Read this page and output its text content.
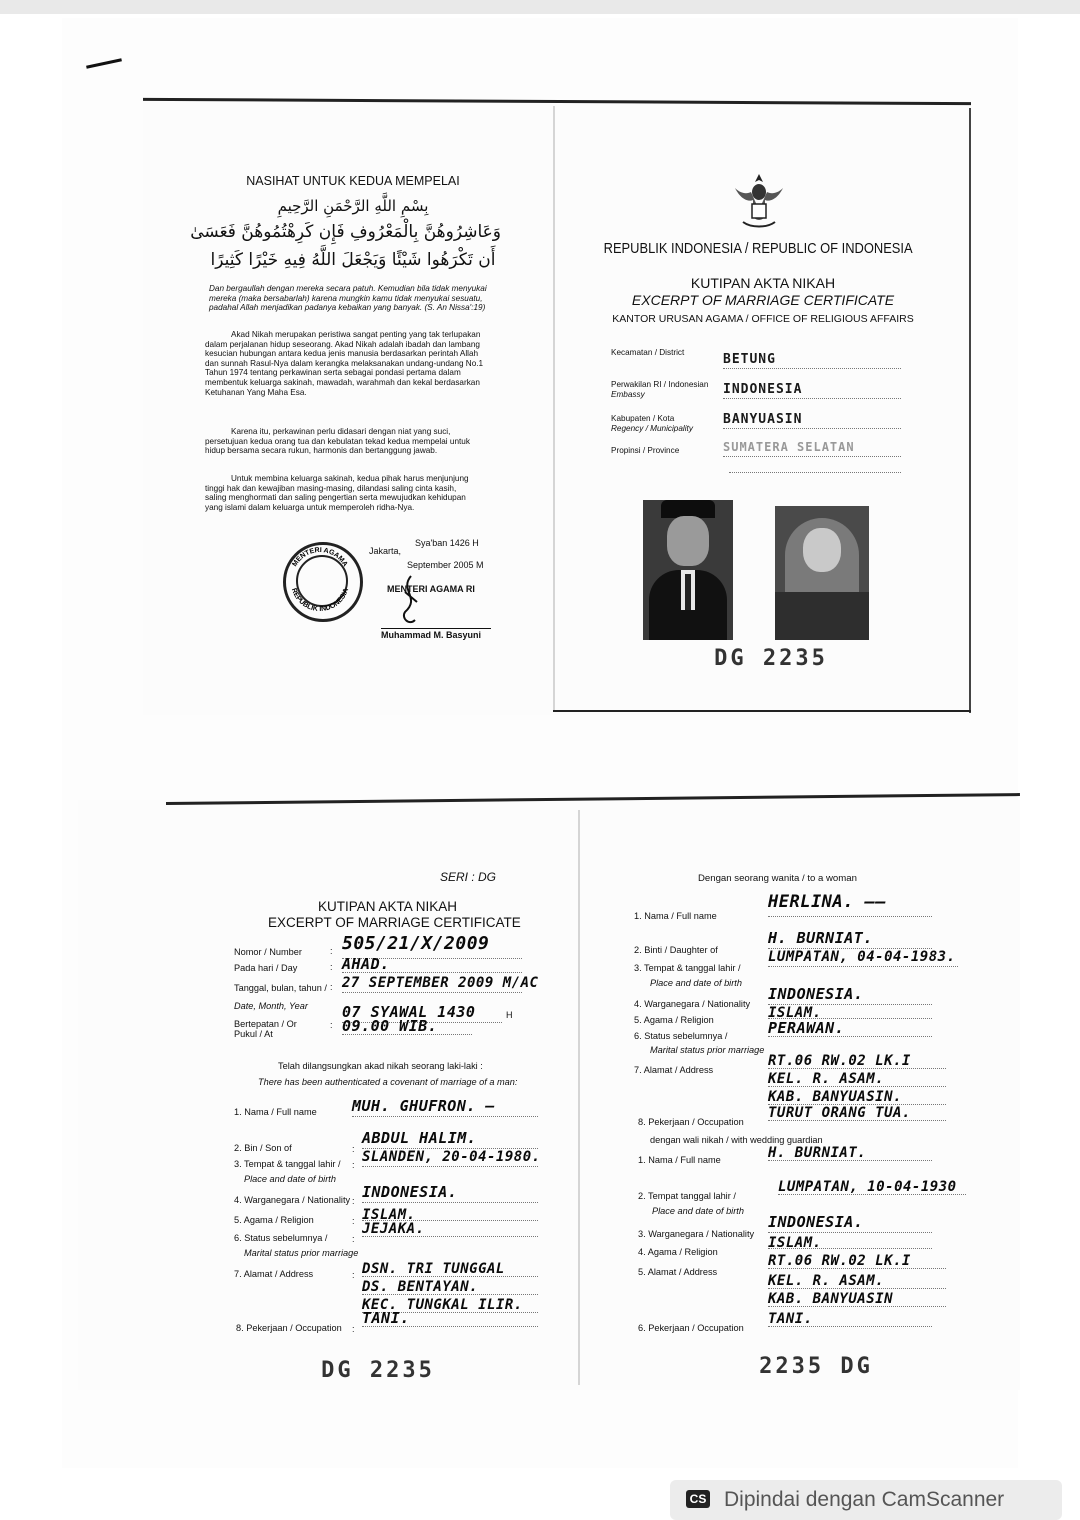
NASIHAT UNTUK KEDUA MEMPELAI
بِسْمِ اللَّهِ الرَّحْمَنِ الرَّحِيمِ
وَعَاشِرُوهُنَّ بِالْمَعْرُوفِ فَإِن كَرِهْتُمُوهُنَّ فَعَسَىٰ
أَن تَكْرَهُوا شَيْئًا وَيَجْعَلَ اللَّهُ فِيهِ خَيْرًا كَثِيرًا
Dan bergaullah dengan mereka secara patuh. Kemudian bila tidak menyukai
mereka (maka bersabarlah) karena mungkin kamu tidak menyukai sesuatu,
padahal Allah menjadikan padanya kebaikan yang banyak. (S. An Nissa':19)
Akad Nikah merupakan peristiwa sangat penting yang tak terlupakan
dalam perjalanan hidup seseorang. Akad Nikah adalah ibadah dan lambang
kesucian hubungan antara kedua jenis manusia berdasarkan perintah Allah
dan sunnah Rasul-Nya dalam kerangka melaksanakan undang-undang No.1
Tahun 1974 tentang perkawinan serta sebagai pondasi pertama dalam
membentuk keluarga sakinah, mawadah, warahmah dan kekal berdasarkan
Ketuhanan Yang Maha Esa.
Karena itu, perkawinan perlu didasari dengan niat yang suci,
persetujuan kedua orang tua dan kebulatan tekad kedua mempelai untuk
hidup bersama secara rukun, harmonis dan bertanggung jawab.
Untuk membina keluarga sakinah, kedua pihak harus menjunjung
tinggi hak dan kewajiban masing-masing, dilandasi saling cinta kasih,
saling menghormati dan saling pengertian serta mewujudkan kehidupan
yang islami dalam keluarga untuk memperoleh ridha-Nya.
MENTERI AGAMA
REPUBLIK INDONESIA
Jakarta,
Sya'ban 1426 H
September 2005 M
MENTERI AGAMA RI
Muhammad M. Basyuni
REPUBLIK INDONESIA / REPUBLIC OF INDONESIA
KUTIPAN AKTA NIKAH
EXCERPT OF MARRIAGE CERTIFICATE
KANTOR URUSAN AGAMA / OFFICE OF RELIGIOUS AFFAIRS
Kecamatan / District	BETUNG
Perwakilan RI / Indonesian
Embassy	INDONESIA
Kabupaten / Kota
Regency / Municipality
BANYUASIN
Propinsi / Province	SUMATERA SELATAN
DG 2235
SERI : DG
KUTIPAN AKTA NIKAH
EXCERPT OF MARRIAGE CERTIFICATE
Nomor / Number	: 505/21/X/2009
Pada hari / Day	: AHAD.
Tanggal, bulan, tahun / : 27 SEPTEMBER 2009 M/AC
Date, Month, Year 07 SYAWAL 1430	H
Bertepatan / Or
Pukul / At
: 09.00 WIB.
Telah dilangsungkan akad nikah seorang laki-laki :
There has been authenticated a covenant of marriage of a man:
1. Nama / Full name MUH. GHUFRON. —
2. Bin / Son of	:
ABDUL HALIM.
3. Tempat & tanggal lahir /
Place and date of birth
: SLANDEN, 20-04-1980.
4. Warganegara / Nationality : INDONESIA.
5. Agama / Religion	: ISLAM.
6. Status sebelumnya /
Marital status prior marriage
:
JEJAKA.
7. Alamat / Address	: DSN. TRI TUNGGAL
DS. BENTAYAN.
KEC. TUNGKAL ILIR.
8. Pekerjaan / Occupation :
TANI.
DG 2235
Dengan seorang wanita / to a woman
1. Nama / Full name
HERLINA. ——
2. Binti / Daughter of
H. BURNIAT.
3. Tempat & tanggal lahir /
Place and date of birth
LUMPATAN, 04-04-1983.
4. Warganegara / Nationality
INDONESIA.
5. Agama / Religion	ISLAM.
6. Status sebelumnya /
Marital status prior marriage
PERAWAN.
7. Alamat / Address
RT.06 RW.02 LK.I
KEL. R. ASAM.
KAB. BANYUASIN.
8. Pekerjaan / Occupation
TURUT ORANG TUA.
dengan wali nikah / with wedding guardian
1. Nama / Full name	H. BURNIAT.
2. Tempat tanggal lahir /
Place and date of birth
LUMPATAN, 10-04-1930
3. Warganegara / Nationality
INDONESIA.
4. Agama / Religion
ISLAM.
5. Alamat / Address
RT.06 RW.02 LK.I
KEL. R. ASAM.
KAB. BANYUASIN
6. Pekerjaan / Occupation
TANI.
2235 DG
CS Dipindai dengan CamScanner
